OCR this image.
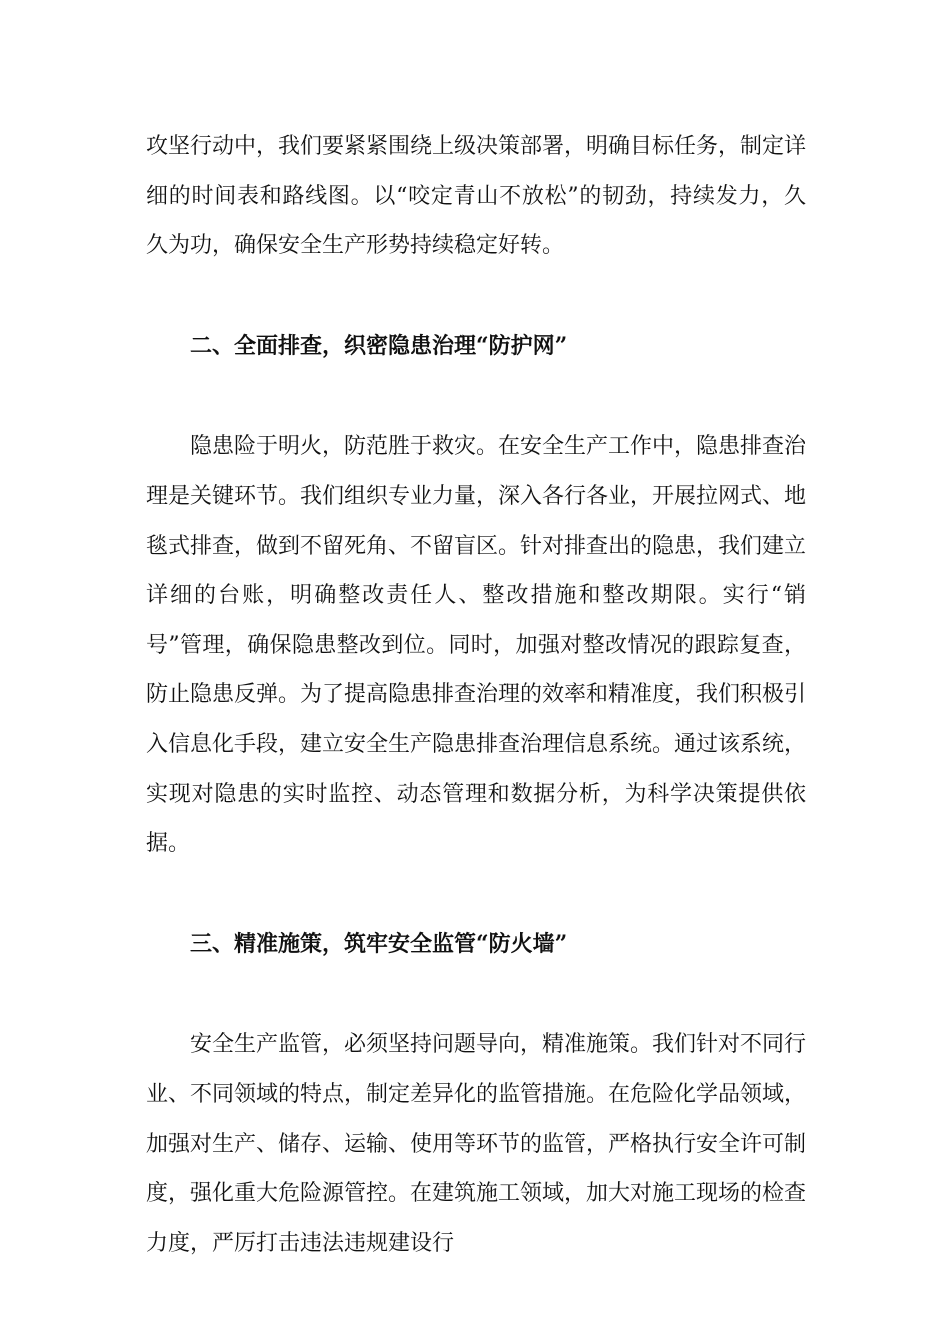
攻坚行动中，我们要紧紧围绕上级决策部署，明确目标任务，制定详细的时间表和路线图。以“咬定青山不放松”的韧劲，持续发力，久久为功，确保安全生产形势持续稳定好转。

二、全面排查，织密隐患治理“防护网”

隐患险于明火，防范胜于救灾。在安全生产工作中，隐患排查治理是关键环节。我们组织专业力量，深入各行各业，开展拉网式、地毯式排查，做到不留死角、不留盲区。针对排查出的隐患，我们建立详细的台账，明确整改责任人、整改措施和整改期限。实行“销号”管理，确保隐患整改到位。同时，加强对整改情况的跟踪复查，防止隐患反弹。为了提高隐患排查治理的效率和精准度，我们积极引入信息化手段，建立安全生产隐患排查治理信息系统。通过该系统，实现对隐患的实时监控、动态管理和数据分析，为科学决策提供依据。

三、精准施策，筑牢安全监管“防火墙”

安全生产监管，必须坚持问题导向，精准施策。我们针对不同行业、不同领域的特点，制定差异化的监管措施。在危险化学品领域，加强对生产、储存、运输、使用等环节的监管，严格执行安全许可制度，强化重大危险源管控。在建筑施工领域，加大对施工现场的检查力度，严厉打击违法违规建设行
